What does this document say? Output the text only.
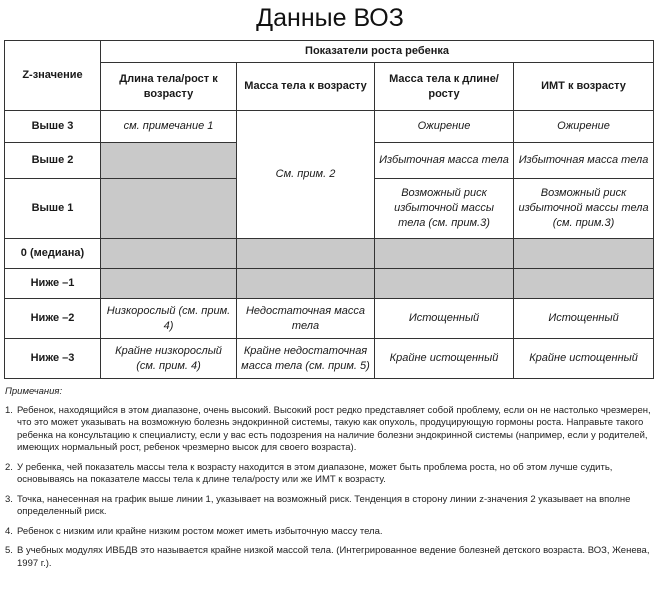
Данные ВОЗ
Z-значение	Показатели роста ребенка			
	Длина тела/рост к возрасту	Масса тела к возрасту	Масса тела к длине/росту	ИМТ к возрасту
Выше 3	см. примечание 1	См. прим. 2	Ожирение	Ожирение
Выше 2			Избыточная масса тела	Избыточная масса тела
Выше 1			Возможный риск избыточной массы тела (см. прим.3)	Возможный риск избыточной массы тела (см. прим.3)
0 (медиана)				
Ниже –1				
Ниже –2	Низкорослый (см. прим. 4)	Недостаточная масса тела	Истощенный	Истощенный
Ниже –3	Крайне низкорослый (см. прим. 4)	Крайне недостаточная масса тела (см. прим. 5)	Крайне истощенный	Крайне истощенный
Примечания:
1. Ребенок, находящийся в этом диапазоне, очень высокий. Высокий рост редко представляет собой проблему, если он не настолько чрезмерен, что это может указывать на возможную болезнь эндокринной системы, такую как опухоль, продуцирующую гормоны роста. Направьте такого ребенка на консультацию к специалисту, если у вас есть подозрения на наличие болезни эндокринной системы (например, если у родителей, имеющих нормальный рост, ребенок чрезмерно высок для своего возраста).
2. У ребенка, чей показатель массы тела к возрасту находится в этом диапазоне, может быть проблема роста, но об этом лучше судить, основываясь на показателе массы тела к длине тела/росту или же ИМТ к возрасту.
3. Точка, нанесенная на график выше линии 1, указывает на возможный риск. Тенденция в сторону линии z-значения 2 указывает на вполне определенный риск.
4. Ребенок с низким или крайне низким ростом может иметь избыточную массу тела.
5. В учебных модулях ИВБДВ это называется крайне низкой массой тела. (Интегрированное ведение болезней детского возраста. ВОЗ, Женева, 1997 г.).
